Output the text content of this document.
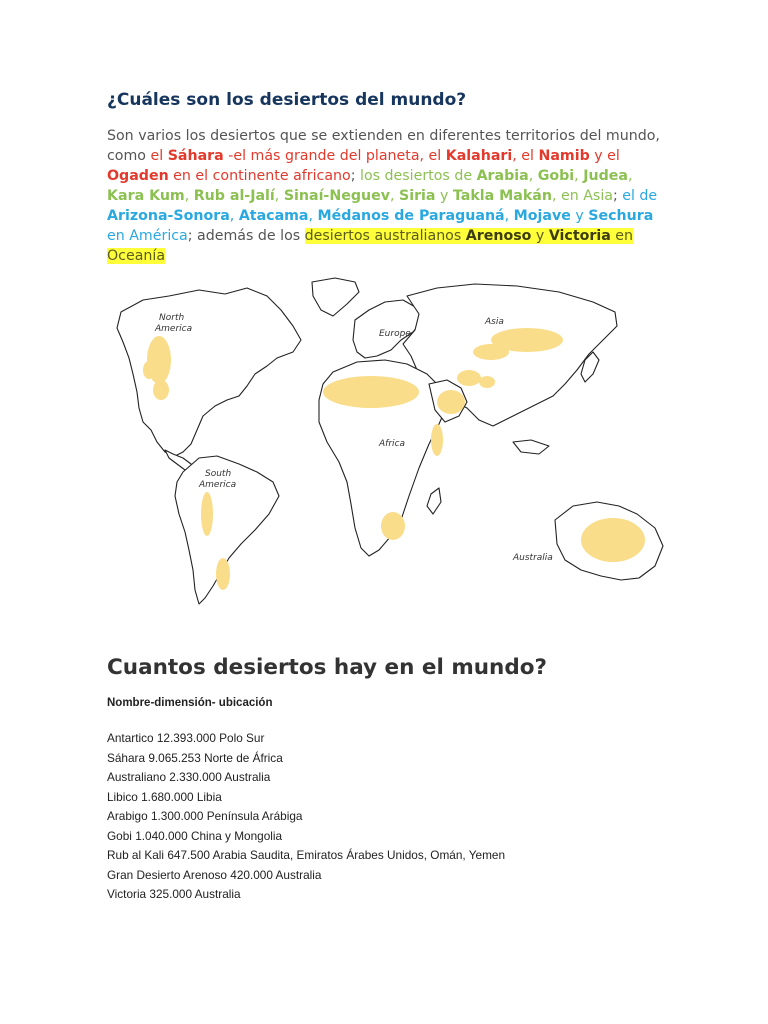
¿Cuáles son los desiertos del mundo?
Son varios los desiertos que se extienden en diferentes territorios del mundo,
como el Sáhara -el más grande del planeta, el Kalahari, el Namib y el
Ogaden en el continente africano; los desiertos de Arabia, Gobi, Judea,
Kara Kum, Rub al-Jalí, Sinaí-Neguev, Siria y Takla Makán, en Asia; el de
Arizona-Sonora, Atacama, Médanos de Paraguaná, Mojave y Sechura
en América; además de los desiertos australianos Arenoso y Victoria en
Oceanía
North
America
South
America
Europe
Asia
Africa
Australia
Cuantos desiertos hay en el mundo?
Nombre-dimensión- ubicación
Antartico 12.393.000 Polo Sur
Sáhara 9.065.253 Norte de África
Australiano 2.330.000 Australia
Libico 1.680.000 Libia
Arabigo 1.300.000 Península Arábiga
Gobi 1.040.000 China y Mongolia
Rub al Kali 647.500 Arabia Saudita, Emiratos Árabes Unidos, Omán, Yemen
Gran Desierto Arenoso 420.000 Australia
Victoria 325.000 Australia
